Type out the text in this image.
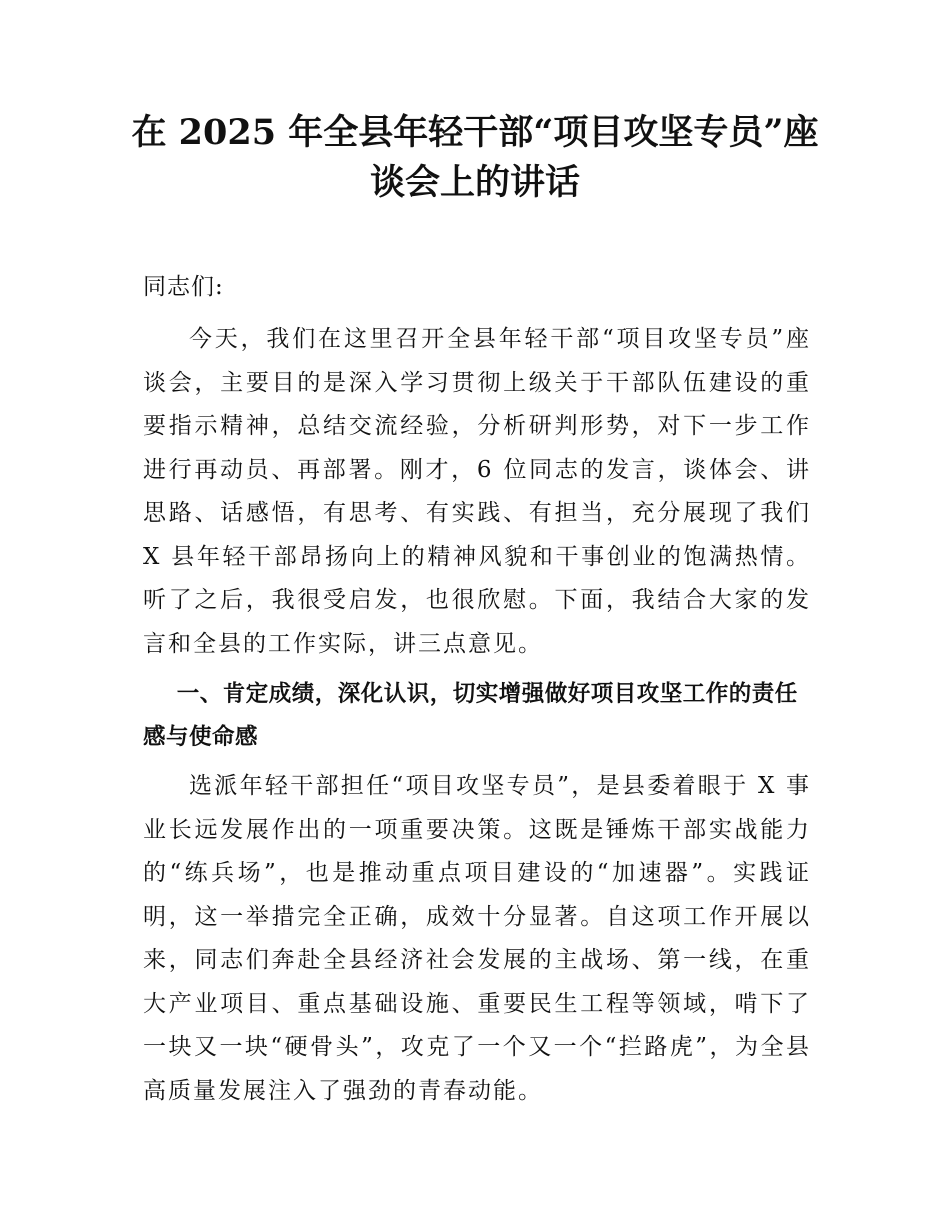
在 2025 年全县年轻干部“项目攻坚专员”座谈会上的讲话

同志们:

今天，我们在这里召开全县年轻干部“项目攻坚专员”座谈会，主要目的是深入学习贯彻上级关于干部队伍建设的重要指示精神，总结交流经验，分析研判形势，对下一步工作进行再动员、再部署。刚才，6 位同志的发言，谈体会、讲思路、话感悟，有思考、有实践、有担当，充分展现了我们 X 县年轻干部昂扬向上的精神风貌和干事创业的饱满热情。听了之后，我很受启发，也很欣慰。下面，我结合大家的发言和全县的工作实际，讲三点意见。

一、肯定成绩，深化认识，切实增强做好项目攻坚工作的责任感与使命感

选派年轻干部担任“项目攻坚专员”，是县委着眼于 X 事业长远发展作出的一项重要决策。这既是锤炼干部实战能力的“练兵场”，也是推动重点项目建设的“加速器”。实践证明，这一举措完全正确，成效十分显著。自这项工作开展以来，同志们奔赴全县经济社会发展的主战场、第一线，在重大产业项目、重点基础设施、重要民生工程等领域，啃下了一块又一块“硬骨头”，攻克了一个又一个“拦路虎”，为全县高质量发展注入了强劲的青春动能。
